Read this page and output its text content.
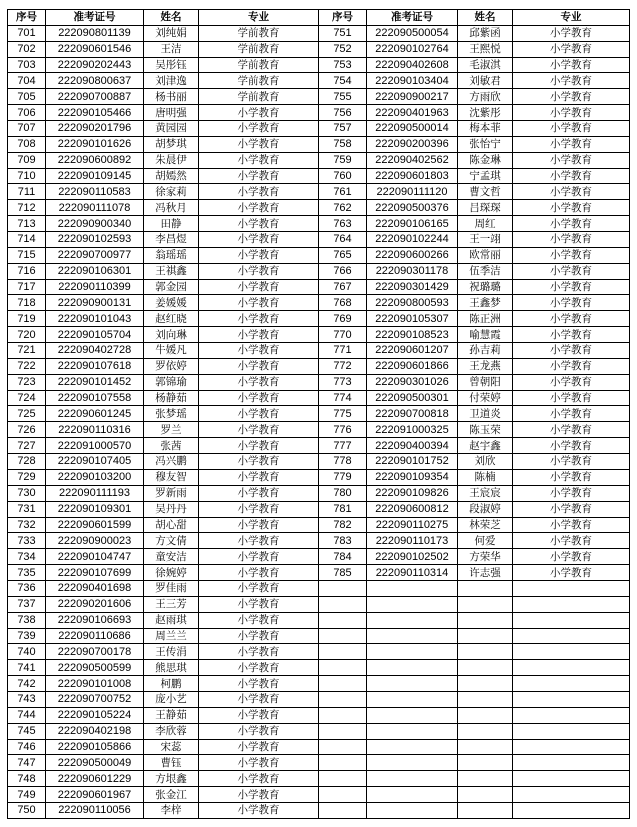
序号	准考证号	姓名	专业
701	222090801139	刘纯娟	学前教育
702	222090601546	王洁	学前教育
703	222090202443	吴彤钰	学前教育
704	222090800637	刘津逸	学前教育
705	222090700887	杨书丽	学前教育
706	222090105466	唐明强	小学教育
707	222090201796	黄园园	小学教育
708	222090101626	胡梦琪	小学教育
709	222090600892	朱晨伊	小学教育
710	222090109145	胡嫣然	小学教育
711	222090110583	徐家莉	小学教育
712	222090111078	冯秋月	小学教育
713	222090900340	田静	小学教育
714	222090102593	李昌煜	小学教育
715	222090700977	翁瑶瑶	小学教育
716	222090106301	王祺鑫	小学教育
717	222090110399	郭金园	小学教育
718	222090900131	姜媛媛	小学教育
719	222090101043	赵红晓	小学教育
720	222090105704	刘向琳	小学教育
721	222090402728	牛媛凡	小学教育
722	222090107618	罗依婷	小学教育
723	222090101452	郭锦瑜	小学教育
724	222090107558	杨静茹	小学教育
725	222090601245	张梦瑶	小学教育
726	222090110316	罗兰	小学教育
727	222091000570	张茜	小学教育
728	222090107405	冯兴鹏	小学教育
729	222090103200	穆友智	小学教育
730	222090111193	罗新雨	小学教育
731	222090109301	吴丹丹	小学教育
732	222090601599	胡心甜	小学教育
733	222090900023	方文倩	小学教育
734	222090104747	童安洁	小学教育
735	222090107699	徐婉婷	小学教育
736	222090401698	罗佳雨	小学教育
737	222090201606	王三芳	小学教育
738	222090106693	赵雨琪	小学教育
739	222090110686	周兰兰	小学教育
740	222090700178	王传涓	小学教育
741	222090500599	熊思琪	小学教育
742	222090101008	柯鹏	小学教育
743	222090700752	庞小艺	小学教育
744	222090105224	王静茹	小学教育
745	222090402198	李欣蓉	小学教育
746	222090105866	宋蕊	小学教育
747	222090500049	曹钰	小学教育
748	222090601229	方垠鑫	小学教育
749	222090601967	张金江	小学教育
750	222090110056	李梓	小学教育
序号	准考证号	姓名	专业
751	222090500054	邱紫函	小学教育
752	222090102764	王熙悦	小学教育
753	222090402608	毛淑淇	小学教育
754	222090103404	刘敏君	小学教育
755	222090900217	方雨欣	小学教育
756	222090401963	沈紫彤	小学教育
757	222090500014	梅本菲	小学教育
758	222090200396	张怡宁	小学教育
759	222090402562	陈金琳	小学教育
760	222090601803	宁孟琪	小学教育
761	222090111120	曹文哲	小学教育
762	222090500376	吕琛琛	小学教育
763	222090106165	周红	小学教育
764	222090102244	王一翊	小学教育
765	222090600266	欧常丽	小学教育
766	222090301178	伍季洁	小学教育
767	222090301429	祝璐璐	小学教育
768	222090800593	王鑫梦	小学教育
769	222090105307	陈正洲	小学教育
770	222090108523	喻慧霞	小学教育
771	222090601207	孙吉莉	小学教育
772	222090601866	王龙燕	小学教育
773	222090301026	曾朝阳	小学教育
774	222090500301	付荣婷	小学教育
775	222090700818	卫道炎	小学教育
776	222091000325	陈玉荣	小学教育
777	222090400394	赵宇鑫	小学教育
778	222090101752	刘欣	小学教育
779	222090109354	陈楠	小学教育
780	222090109826	王宸宸	小学教育
781	222090600812	段淑婷	小学教育
782	222090110275	林荣芝	小学教育
783	222090110173	何爱	小学教育
784	222090102502	方荣华	小学教育
785	222090110314	许志强	小学教育
